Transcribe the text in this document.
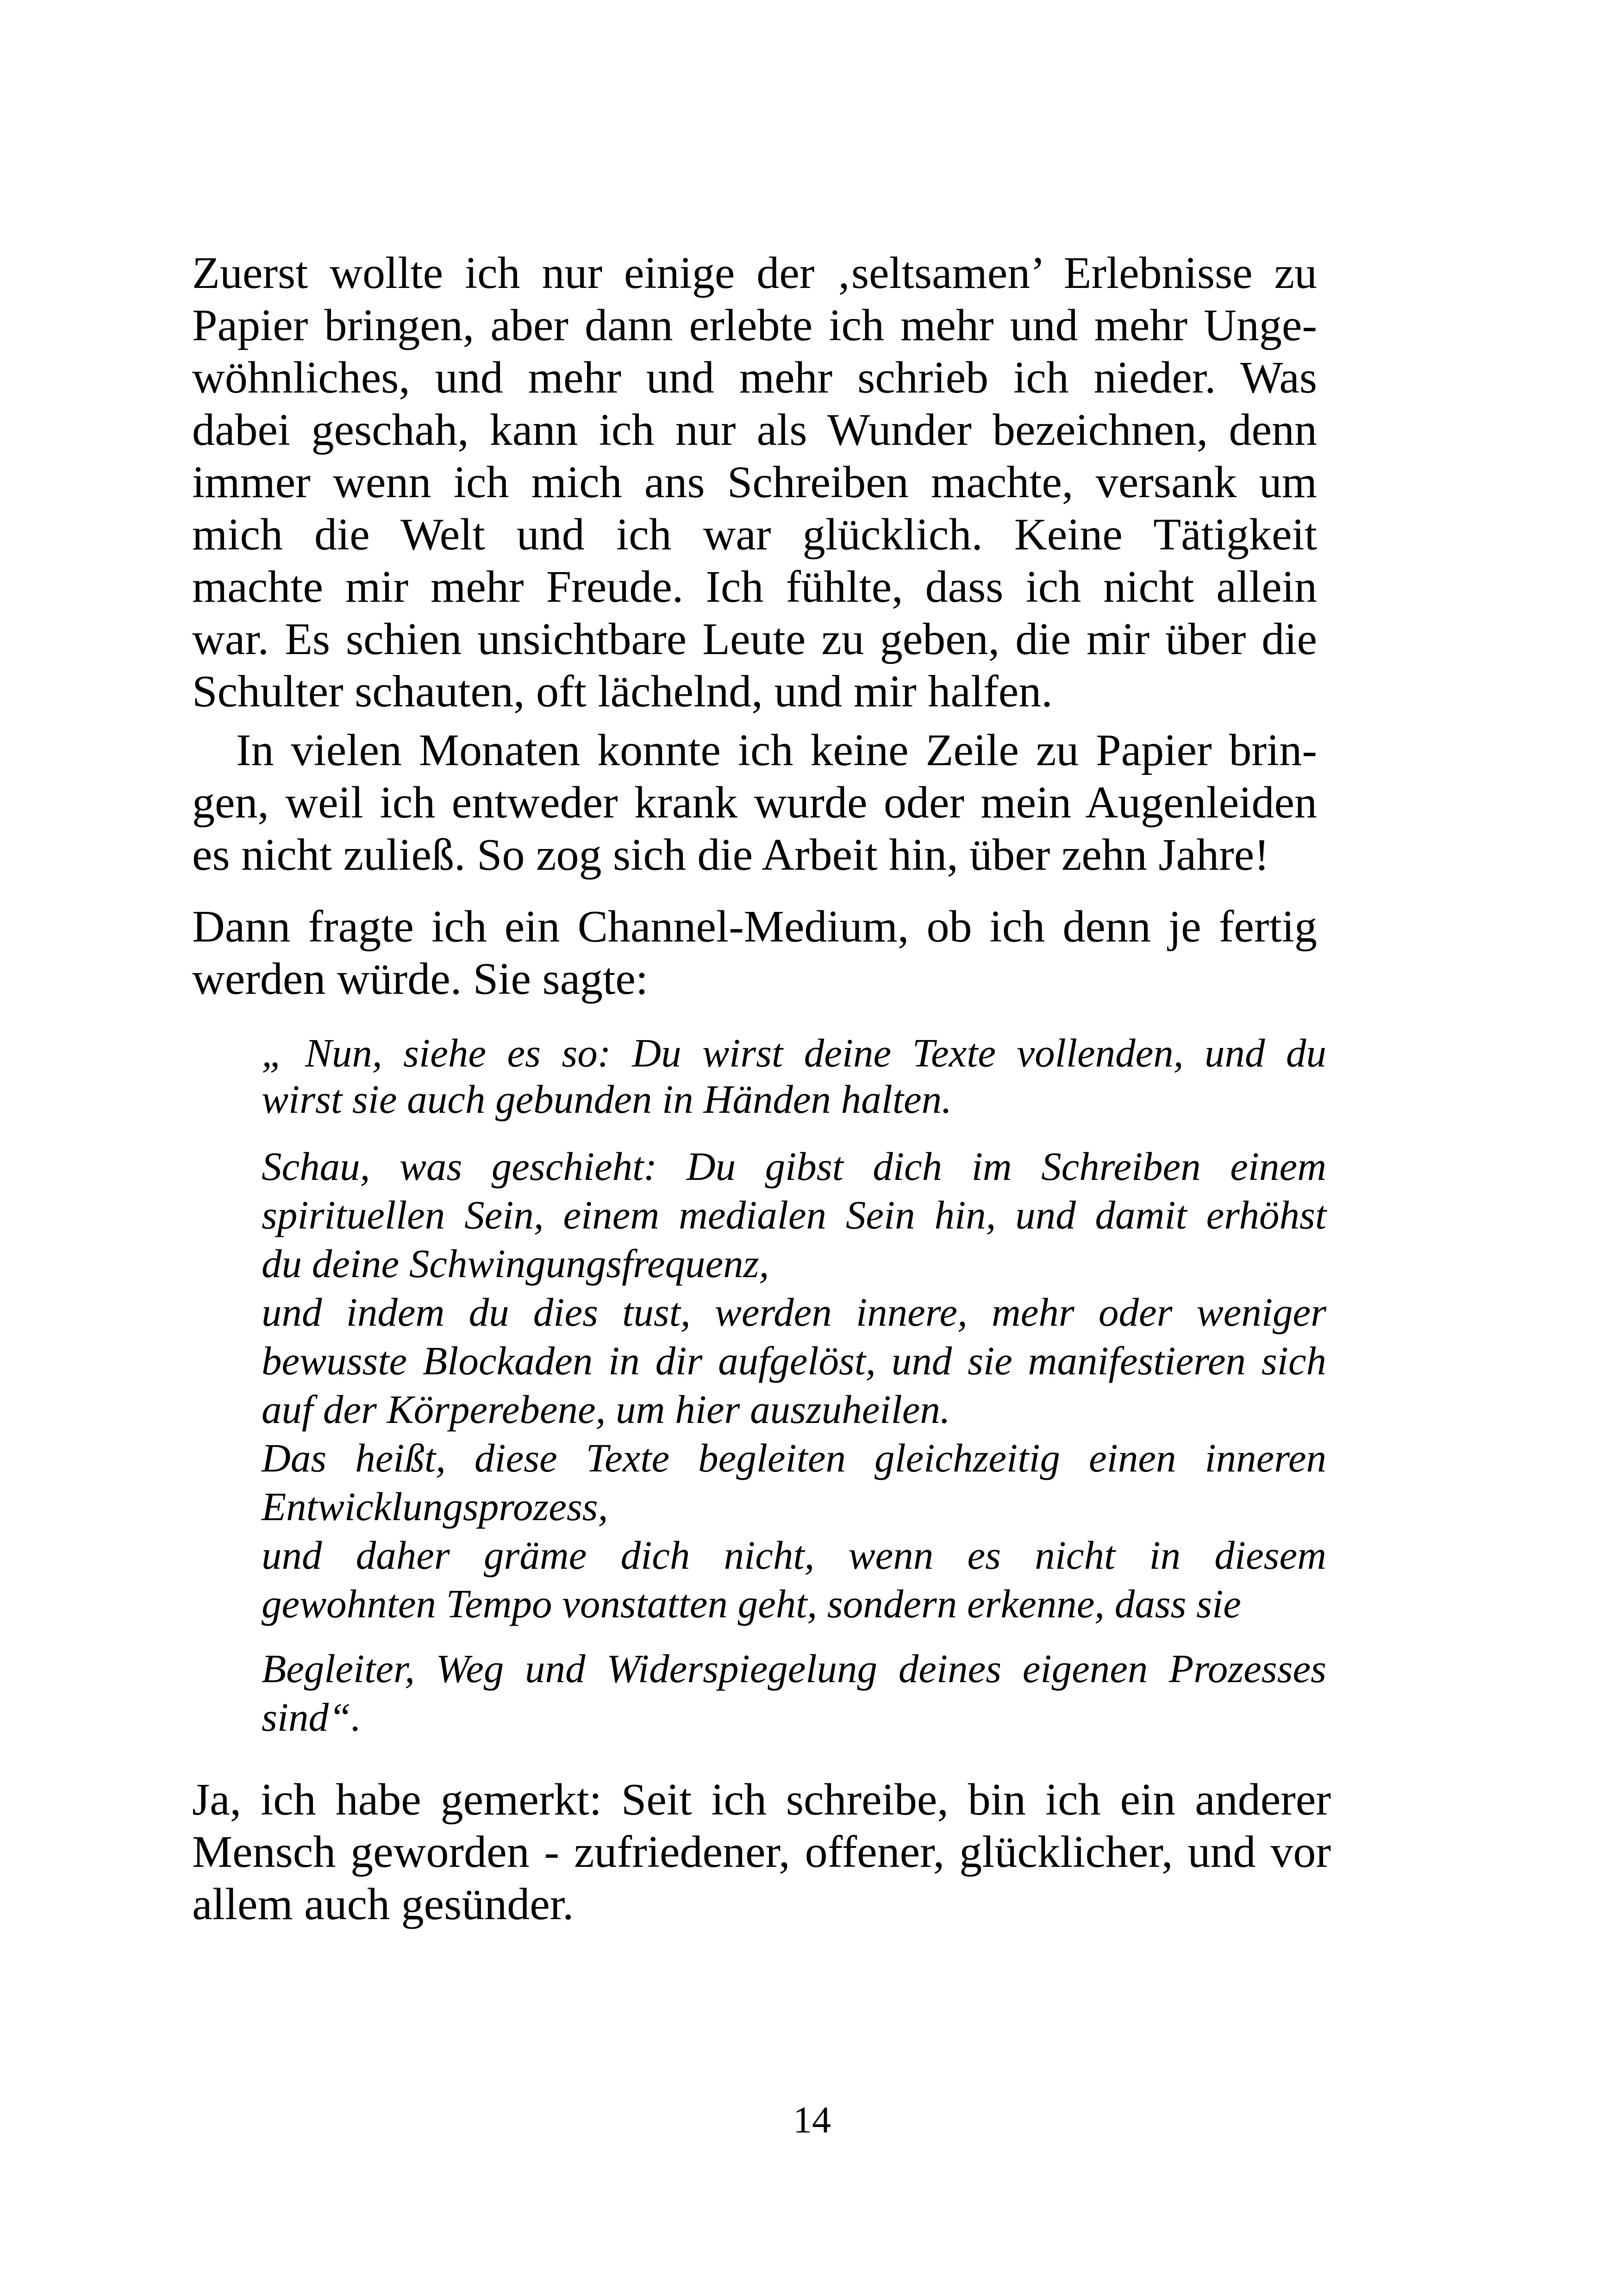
Zuerst wollte ich nur einige der ‚seltsamen’ Erlebnisse zu
Papier bringen, aber dann erlebte ich mehr und mehr Unge-
wöhnliches, und mehr und mehr schrieb ich nieder. Was
dabei geschah, kann ich nur als Wunder bezeichnen, denn
immer wenn ich mich ans Schreiben machte, versank um
mich die Welt und ich war glücklich. Keine Tätigkeit
machte mir mehr Freude. Ich fühlte, dass ich nicht allein
war. Es schien unsichtbare Leute zu geben, die mir über die
Schulter schauten, oft lächelnd, und mir halfen.
In vielen Monaten konnte ich keine Zeile zu Papier brin-
gen, weil ich entweder krank wurde oder mein Augenleiden
es nicht zuließ. So zog sich die Arbeit hin, über zehn Jahre!
Dann fragte ich ein Channel-Medium, ob ich denn je fertig
werden würde. Sie sagte:
„ Nun, siehe es so: Du wirst deine Texte vollenden, und du
wirst sie auch gebunden in Händen halten.
Schau, was geschieht: Du gibst dich im Schreiben einem
spirituellen Sein, einem medialen Sein hin, und damit erhöhst
du deine Schwingungsfrequenz,
und indem du dies tust, werden innere, mehr oder weniger
bewusste Blockaden in dir aufgelöst, und sie manifestieren sich
auf der Körperebene, um hier auszuheilen.
Das heißt, diese Texte begleiten gleichzeitig einen inneren
Entwicklungsprozess,
und daher gräme dich nicht, wenn es nicht in diesem
gewohnten Tempo vonstatten geht, sondern erkenne, dass sie
Begleiter, Weg und Widerspiegelung deines eigenen Prozesses
sind“.
Ja, ich habe gemerkt: Seit ich schreibe, bin ich ein anderer
Mensch geworden - zufriedener, offener, glücklicher, und vor
allem auch gesünder.
14
